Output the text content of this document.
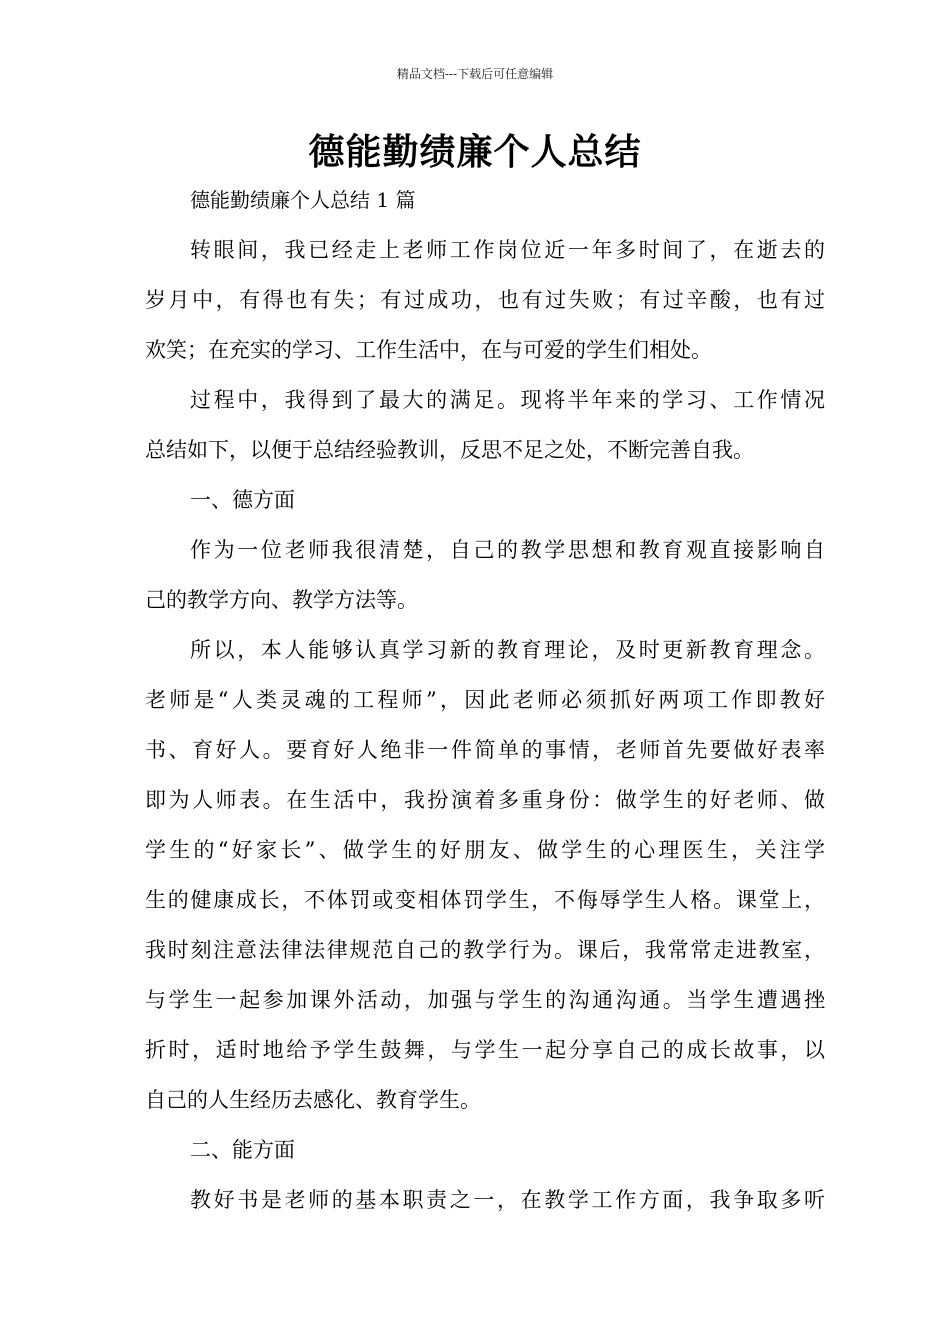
精品文档---下载后可任意编辑
德能勤绩廉个人总结
德能勤绩廉个人总结 1 篇
转眼间，我已经走上老师工作岗位近一年多时间了，在逝去的
岁月中，有得也有失；有过成功，也有过失败；有过辛酸，也有过
欢笑；在充实的学习、工作生活中，在与可爱的学生们相处。
过程中，我得到了最大的满足。现将半年来的学习、工作情况
总结如下，以便于总结经验教训，反思不足之处，不断完善自我。
一、德方面
作为一位老师我很清楚，自己的教学思想和教育观直接影响自
己的教学方向、教学方法等。
所以，本人能够认真学习新的教育理论，及时更新教育理念。
老师是“人类灵魂的工程师”，因此老师必须抓好两项工作即教好
书、育好人。要育好人绝非一件简单的事情，老师首先要做好表率
即为人师表。在生活中，我扮演着多重身份：做学生的好老师、做
学生的“好家长”、做学生的好朋友、做学生的心理医生，关注学
生的健康成长，不体罚或变相体罚学生，不侮辱学生人格。课堂上，
我时刻注意法律法律规范自己的教学行为。课后，我常常走进教室，
与学生一起参加课外活动，加强与学生的沟通沟通。当学生遭遇挫
折时，适时地给予学生鼓舞，与学生一起分享自己的成长故事，以
自己的人生经历去感化、教育学生。
二、能方面
教好书是老师的基本职责之一，在教学工作方面，我争取多听
